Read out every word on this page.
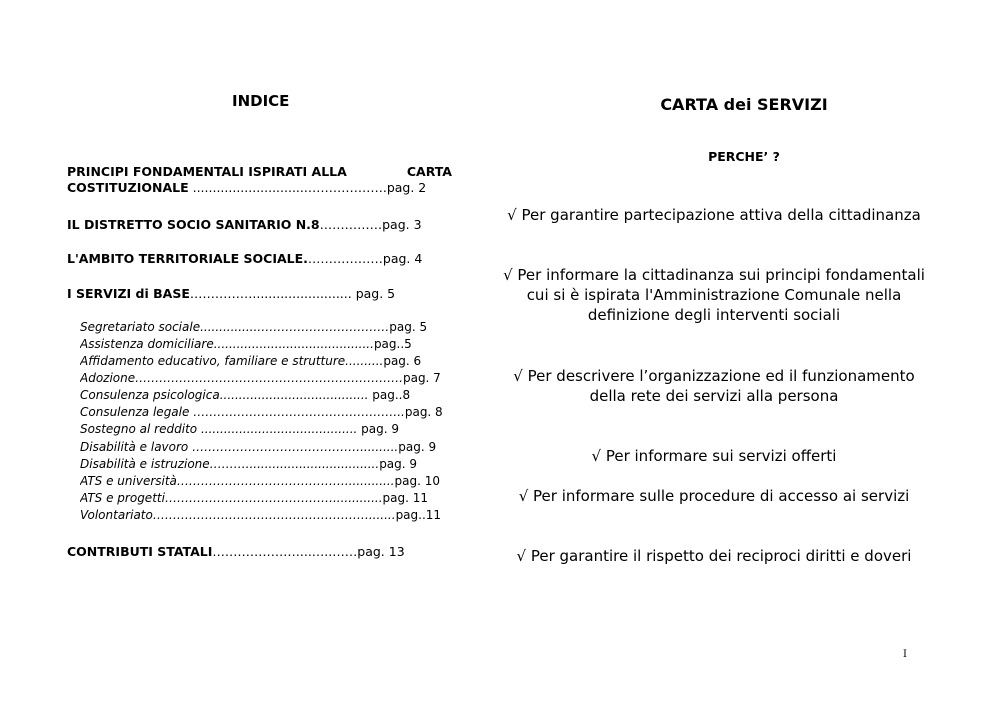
INDICE
PRINCIPI FONDAMENTALI ISPIRATI ALLA	CARTA
COSTITUZIONALE .............................……………….pag. 2
IL DISTRETTO SOCIO SANITARIO N.8……………pag. 3
L'AMBITO TERRITORIALE SOCIALE.………………pag. 4
I SERVIZI di BASE……………......................... pag. 5
Segretariato sociale...............……………………………pag. 5
Assistenza domiciliare..........................................pag..5
Affidamento educativo, familiare e strutture..........pag. 6
Adozione………………………………………………………….pag. 7
Consulenza psicologica....................................... pag..8
Consulenza legale ……………………………………………..pag. 8
Sostegno al reddito ......................................... pag. 9
Disabilità e lavoro ……………………………………..........pag. 9
Disabilità e istruzione………...................................pag. 9
ATS e università…………………………………….............pag. 10
ATS e progetti…………………………………….............pag. 11
Volontariato……………………………………………….......pag..11
CONTRIBUTI STATALI…………………...…..……pag. 13
CARTA dei SERVIZI
PERCHE’ ?
√ Per garantire partecipazione attiva della cittadinanza
√ Per informare la cittadinanza sui principi fondamentali cui si è ispirata l'Amministrazione Comunale nella definizione degli interventi sociali
√ Per descrivere l’organizzazione ed il funzionamento della rete dei servizi alla persona
√ Per informare sui servizi offerti
√ Per informare sulle procedure di accesso ai servizi
√ Per garantire il rispetto dei reciproci diritti e doveri
I
